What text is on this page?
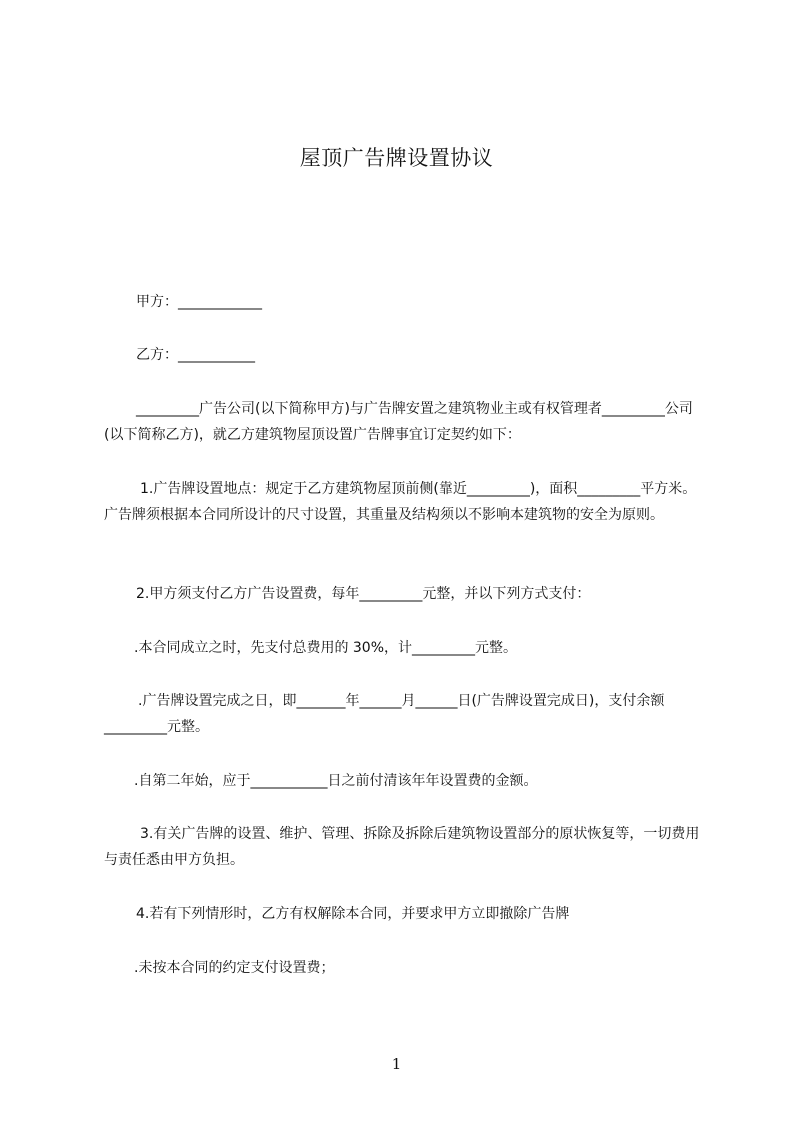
屋顶广告牌设置协议
甲方：____________
乙方：___________
_________广告公司(以下简称甲方)与广告牌安置之建筑物业主或有权管理者_________公司(以下简称乙方)，就乙方建筑物屋顶设置广告牌事宜订定契约如下：
1.广告牌设置地点：规定于乙方建筑物屋顶前侧(靠近_________)，面积_________平方米。广告牌须根据本合同所设计的尺寸设置，其重量及结构须以不影响本建筑物的安全为原则。
2.甲方须支付乙方广告设置费，每年_________元整，并以下列方式支付：
.本合同成立之时，先支付总费用的 30%，计_________元整。
.广告牌设置完成之日，即_______年______月______日(广告牌设置完成日)，支付余额_________元整。
.自第二年始，应于___________日之前付清该年年设置费的金额。
3.有关广告牌的设置、维护、管理、拆除及拆除后建筑物设置部分的原状恢复等，一切费用与责任悉由甲方负担。
4.若有下列情形时，乙方有权解除本合同，并要求甲方立即撤除广告牌
.未按本合同的约定支付设置费；
1
